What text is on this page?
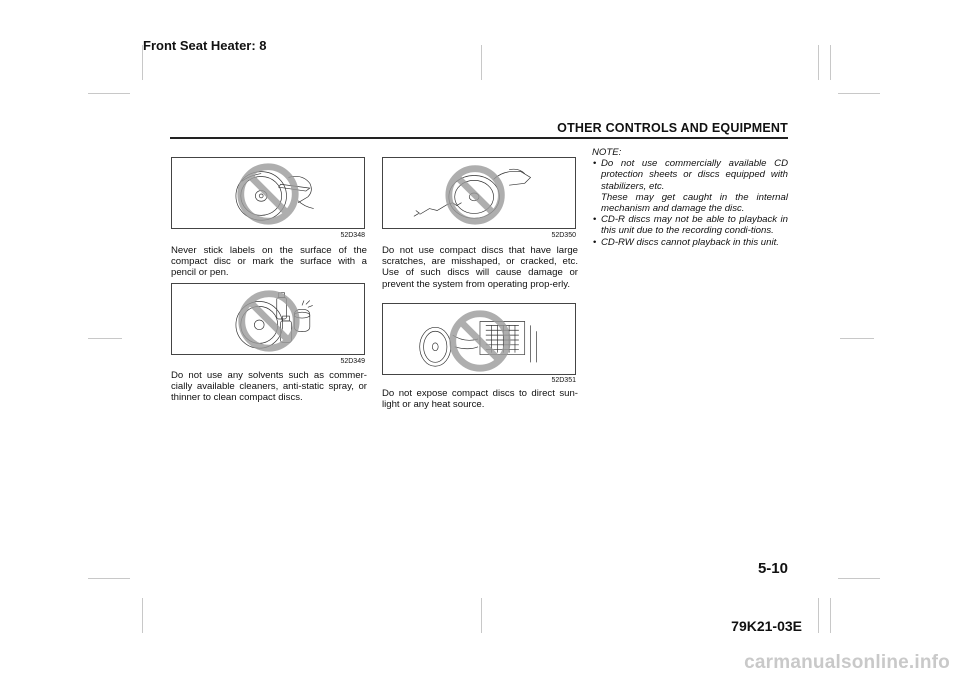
Front Seat Heater: 8
OTHER CONTROLS AND EQUIPMENT
52D348

Never stick labels on the surface of the compact disc or mark the surface with a pencil or pen.

52D349

Do not use any solvents such as commer-cially available cleaners, anti-static spray, or thinner to clean compact discs.

52D350

Do not use compact discs that have large scratches, are misshaped, or cracked, etc. Use of such discs will cause damage or prevent the system from operating prop-erly.

52D351

Do not expose compact discs to direct sun-light or any heat source.

NOTE:
• Do not use commercially available CD protection sheets or discs equipped with stabilizers, etc.
These may get caught in the internal mechanism and damage the disc.
• CD-R discs may not be able to playback in this unit due to the recording condi-tions.
• CD-RW discs cannot playback in this unit.
5-10
79K21-03E
carmanualsonline.info
